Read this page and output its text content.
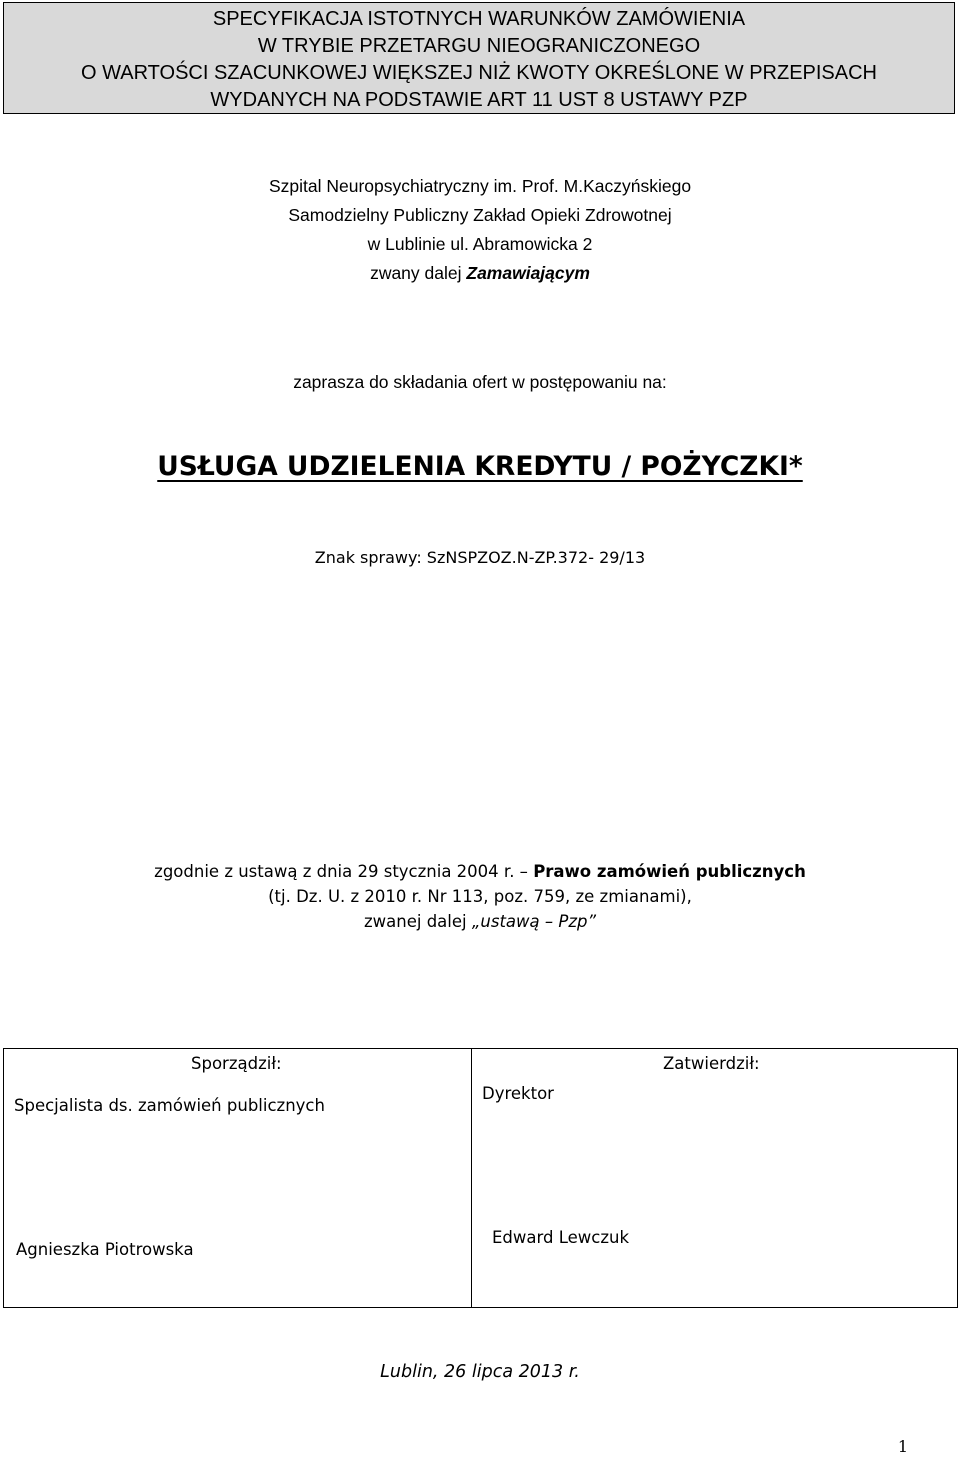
SPECYFIKACJA ISTOTNYCH WARUNKÓW ZAMÓWIENIA
W TRYBIE PRZETARGU NIEOGRANICZONEGO
O WARTOŚCI SZACUNKOWEJ WIĘKSZEJ NIŻ KWOTY OKREŚLONE W PRZEPISACH
WYDANYCH NA PODSTAWIE ART 11 UST 8 USTAWY PZP
Szpital Neuropsychiatryczny im. Prof. M.Kaczyńskiego
Samodzielny Publiczny Zakład Opieki Zdrowotnej
w Lublinie ul. Abramowicka 2
zwany dalej Zamawiającym
zaprasza do składania ofert w postępowaniu na:
USŁUGA UDZIELENIA KREDYTU / POŻYCZKI*
Znak sprawy: SzNSPZOZ.N-ZP.372- 29/13
zgodnie z ustawą z dnia 29 stycznia 2004 r. – Prawo zamówień publicznych
(tj. Dz. U. z 2010 r. Nr 113, poz. 759, ze zmianami),
zwanej dalej „ustawą – Pzp”
Sporządził:
Specjalista ds. zamówień publicznych
Agnieszka Piotrowska

Zatwierdził:
Dyrektor
Edward Lewczuk
Lublin, 26 lipca 2013 r.
1
